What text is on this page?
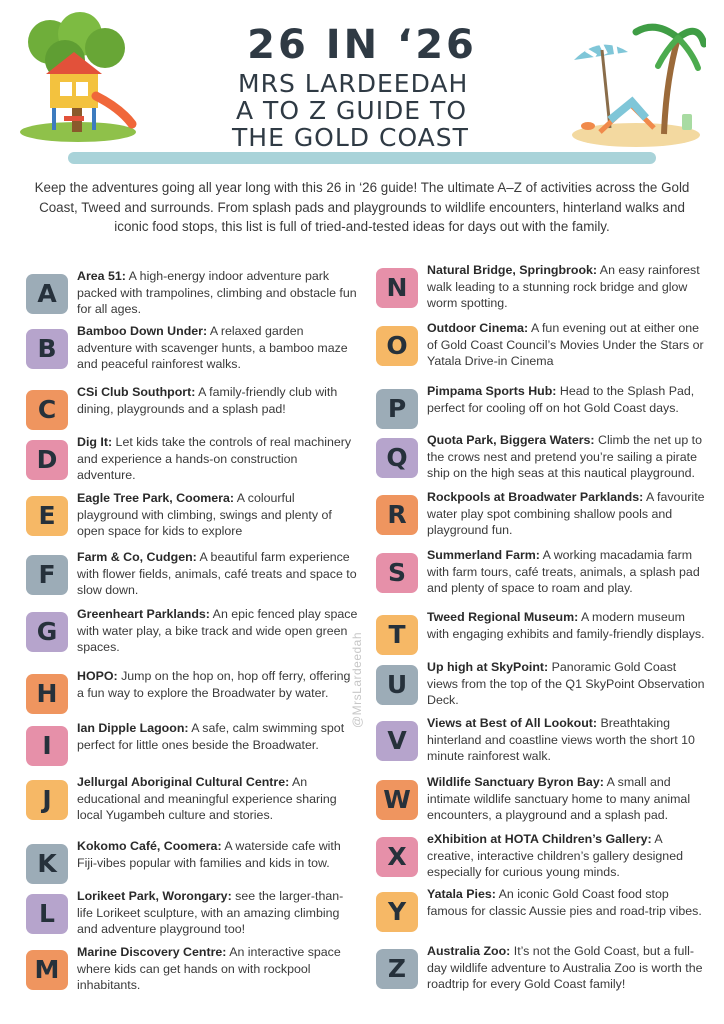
26 IN ‘26
MRS LARDEEDAH
A TO Z GUIDE TO
THE GOLD COAST

Keep the adventures going all year long with this 26 in ‘26 guide! The ultimate A–Z of activities across the Gold Coast, Tweed and surrounds. From splash pads and playgrounds to wildlife encounters, hinterland walks and iconic food stops, this list is full of tried-and-tested ideas for days out with the family.

A
Area 51: A high-energy indoor adventure park packed with trampolines, climbing and obstacle fun for all ages.
B
Bamboo Down Under: A relaxed garden adventure with scavenger hunts, a bamboo maze and peaceful rainforest walks.
C
CSi Club Southport: A family-friendly club with dining, playgrounds and a splash pad!
D
Dig It: Let kids take the controls of real machinery and experience a hands-on construction adventure.
E
Eagle Tree Park, Coomera: A colourful playground with climbing, swings and plenty of open space for kids to explore
F
Farm & Co, Cudgen: A beautiful farm experience with flower fields, animals, café treats and space to slow down.
G
Greenheart Parklands: An epic fenced play space with water play, a bike track and wide open green spaces.
H
HOPO: Jump on the hop on, hop off ferry, offering a fun way to explore the Broadwater by water.
I
Ian Dipple Lagoon: A safe, calm swimming spot perfect for little ones beside the Broadwater.
J
Jellurgal Aboriginal Cultural Centre: An educational and meaningful experience sharing local Yugambeh culture and stories.
K
Kokomo Café, Coomera: A waterside cafe with Fiji-vibes popular with families and kids in tow.
L
Lorikeet Park, Worongary: see the larger-than-life Lorikeet sculpture, with an amazing climbing and adventure playground too!
M
Marine Discovery Centre: An interactive space where kids can get hands on with rockpool inhabitants.
N
Natural Bridge, Springbrook: An easy rainforest walk leading to a stunning rock bridge and glow worm spotting.
O
Outdoor Cinema: A fun evening out at either one of Gold Coast Council’s Movies Under the Stars or Yatala Drive-in Cinema
P
Pimpama Sports Hub: Head to the Splash Pad, perfect for cooling off on hot Gold Coast days.
Q
Quota Park, Biggera Waters: Climb the net up to the crows nest and pretend you’re sailing a pirate ship on the high seas at this nautical playground.
R
Rockpools at Broadwater Parklands: A favourite water play spot combining shallow pools and playground fun.
S
Summerland Farm: A working macadamia farm with farm tours, café treats, animals, a splash pad and plenty of space to roam and play.
T
Tweed Regional Museum: A modern museum with engaging exhibits and family-friendly displays.
U
Up high at SkyPoint: Panoramic Gold Coast views from the top of the Q1 SkyPoint Observation Deck.
V
Views at Best of All Lookout: Breathtaking hinterland and coastline views worth the short 10 minute rainforest walk.
W
Wildlife Sanctuary Byron Bay: A small and intimate wildlife sanctuary home to many animal encounters, a playground and a splash pad.
X
eXhibition at HOTA Children’s Gallery: A creative, interactive children’s gallery designed especially for curious young minds.
Y
Yatala Pies: An iconic Gold Coast food stop famous for classic Aussie pies and road-trip vibes.
Z
Australia Zoo: It’s not the Gold Coast, but a full-day wildlife adventure to Australia Zoo is worth the roadtrip for every Gold Coast family!
@MrsLardeedah
